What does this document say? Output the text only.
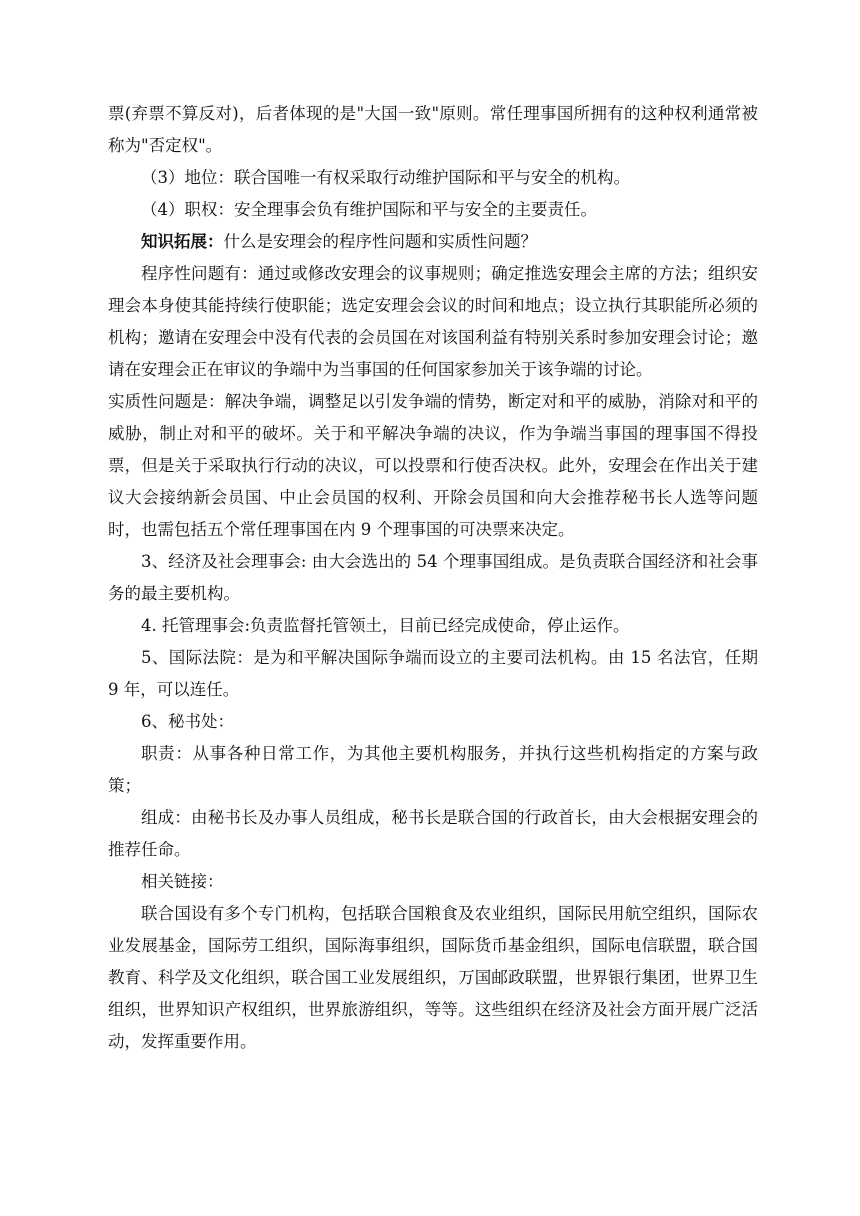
票(弃票不算反对)，后者体现的是"大国一致"原则。常任理事国所拥有的这种权利通常被称为"否定权"。

（3）地位：联合国唯一有权采取行动维护国际和平与安全的机构。

（4）职权：安全理事会负有维护国际和平与安全的主要责任。

知识拓展：什么是安理会的程序性问题和实质性问题？

程序性问题有：通过或修改安理会的议事规则；确定推选安理会主席的方法；组织安理会本身使其能持续行使职能；选定安理会会议的时间和地点；设立执行其职能所必须的机构；邀请在安理会中没有代表的会员国在对该国利益有特别关系时参加安理会讨论；邀请在安理会正在审议的争端中为当事国的任何国家参加关于该争端的讨论。

实质性问题是：解决争端，调整足以引发争端的情势，断定对和平的威胁，消除对和平的威胁，制止对和平的破坏。关于和平解决争端的决议，作为争端当事国的理事国不得投票，但是关于采取执行行动的决议，可以投票和行使否决权。此外，安理会在作出关于建议大会接纳新会员国、中止会员国的权利、开除会员国和向大会推荐秘书长人选等问题时，也需包括五个常任理事国在内 9 个理事国的可决票来决定。

3、经济及社会理事会: 由大会选出的 54 个理事国组成。是负责联合国经济和社会事务的最主要机构。

4. 托管理事会:负责监督托管领土，目前已经完成使命，停止运作。

5、国际法院：是为和平解决国际争端而设立的主要司法机构。由 15 名法官，任期 9 年，可以连任。

6、秘书处：

职责：从事各种日常工作，为其他主要机构服务，并执行这些机构指定的方案与政策；

组成：由秘书长及办事人员组成，秘书长是联合国的行政首长，由大会根据安理会的推荐任命。

相关链接：

联合国设有多个专门机构，包括联合国粮食及农业组织，国际民用航空组织，国际农业发展基金，国际劳工组织，国际海事组织，国际货币基金组织，国际电信联盟，联合国教育、科学及文化组织，联合国工业发展组织，万国邮政联盟，世界银行集团，世界卫生组织，世界知识产权组织，世界旅游组织，等等。这些组织在经济及社会方面开展广泛活动，发挥重要作用。
